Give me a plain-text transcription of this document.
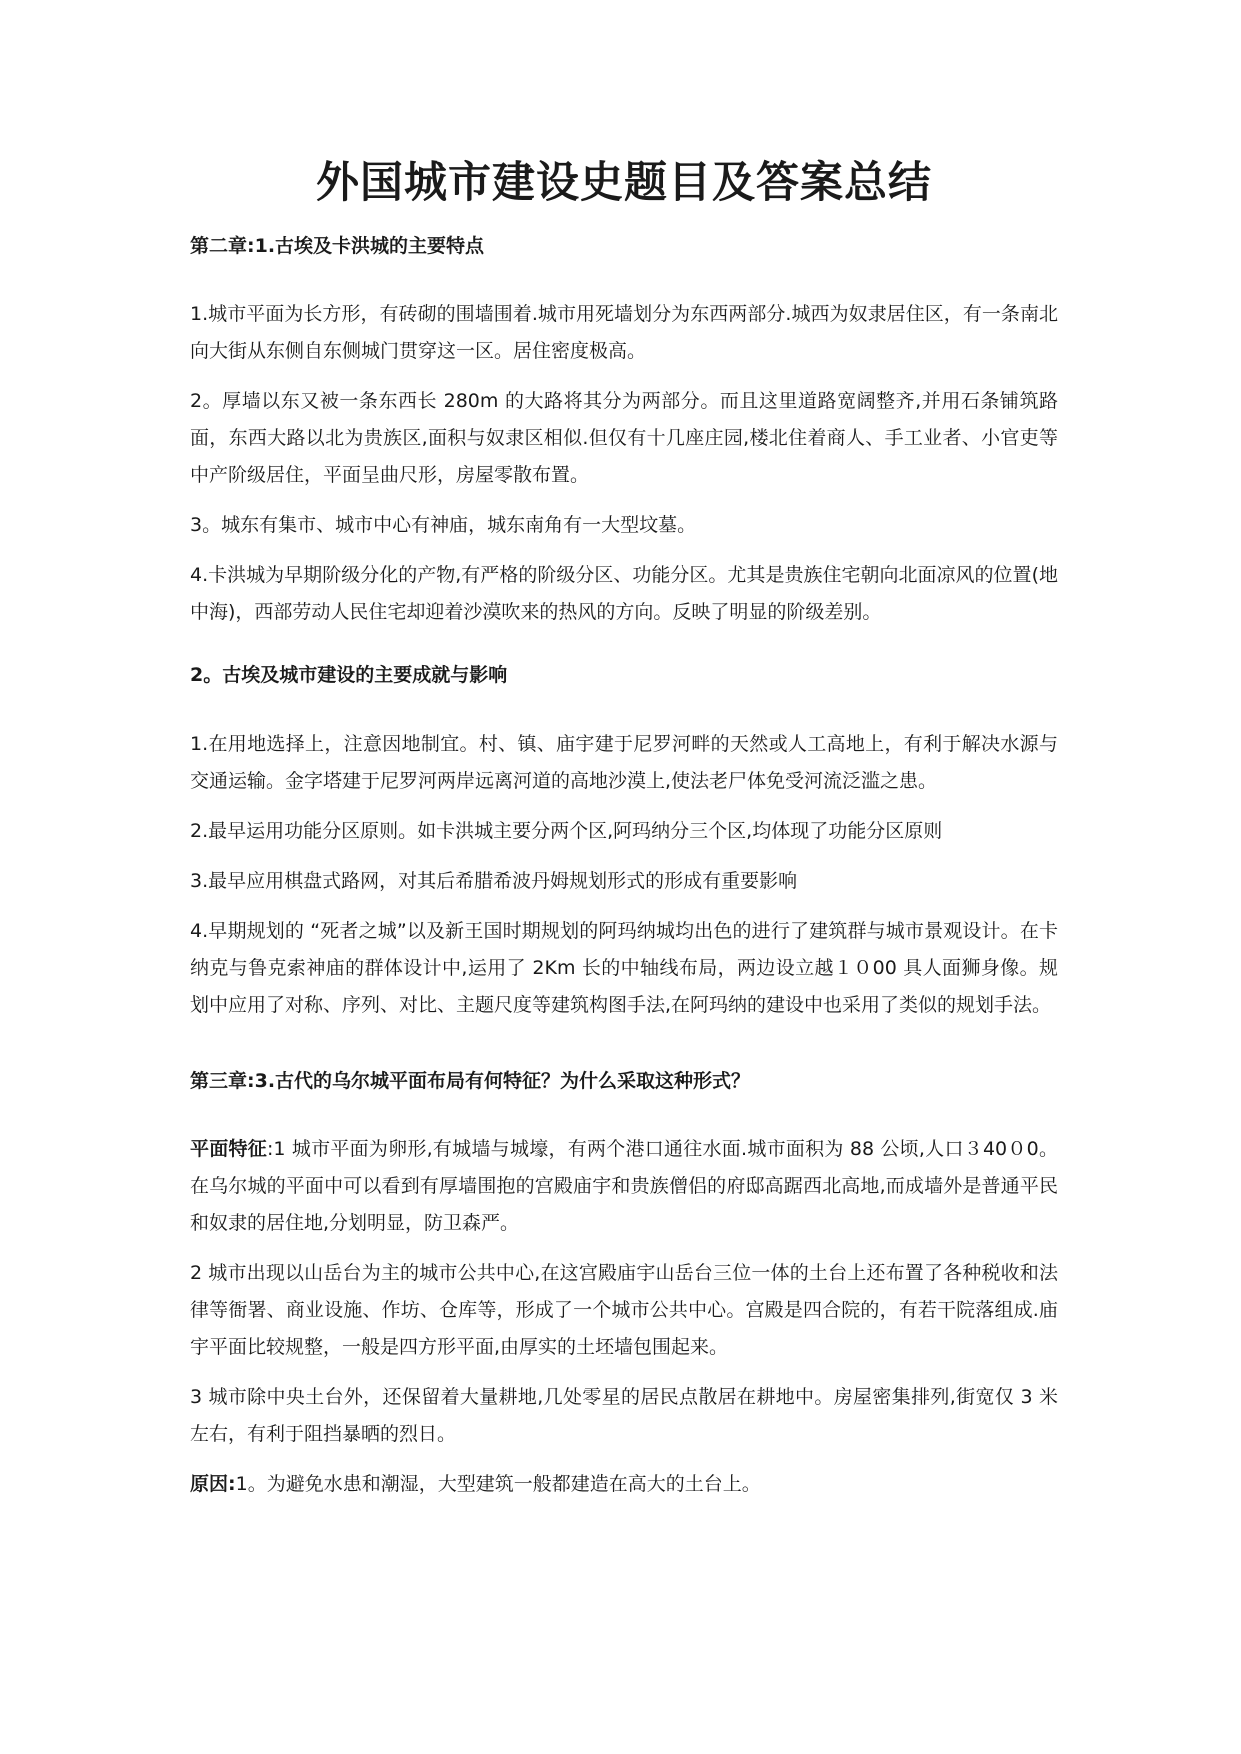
外国城市建设史题目及答案总结
第二章:1.古埃及卡洪城的主要特点
1.城市平面为长方形，有砖砌的围墙围着.城市用死墙划分为东西两部分.城西为奴隶居住区，有一条南北向大街从东侧自东侧城门贯穿这一区。居住密度极高。
2。厚墙以东又被一条东西长 280m 的大路将其分为两部分。而且这里道路宽阔整齐,并用石条铺筑路面，东西大路以北为贵族区,面积与奴隶区相似.但仅有十几座庄园,楼北住着商人、手工业者、小官吏等中产阶级居住，平面呈曲尺形，房屋零散布置。
3。城东有集市、城市中心有神庙，城东南角有一大型坟墓。
4.卡洪城为早期阶级分化的产物,有严格的阶级分区、功能分区。尤其是贵族住宅朝向北面凉风的位置(地中海)，西部劳动人民住宅却迎着沙漠吹来的热风的方向。反映了明显的阶级差别。
2。古埃及城市建设的主要成就与影响
1.在用地选择上，注意因地制宜。村、镇、庙宇建于尼罗河畔的天然或人工高地上，有利于解决水源与交通运输。金字塔建于尼罗河两岸远离河道的高地沙漠上,使法老尸体免受河流泛滥之患。
2.最早运用功能分区原则。如卡洪城主要分两个区,阿玛纳分三个区,均体现了功能分区原则
3.最早应用棋盘式路网，对其后希腊希波丹姆规划形式的形成有重要影响
4.早期规划的 “死者之城”以及新王国时期规划的阿玛纳城均出色的进行了建筑群与城市景观设计。在卡纳克与鲁克索神庙的群体设计中,运用了 2Km 长的中轴线布局，两边设立越１０00 具人面狮身像。规划中应用了对称、序列、对比、主题尺度等建筑构图手法,在阿玛纳的建设中也采用了类似的规划手法。
第三章:3.古代的乌尔城平面布局有何特征？为什么采取这种形式？
平面特征:1 城市平面为卵形,有城墙与城壕，有两个港口通往水面.城市面积为 88 公顷,人口３40０0。在乌尔城的平面中可以看到有厚墙围抱的宫殿庙宇和贵族僧侣的府邸高踞西北高地,而成墙外是普通平民和奴隶的居住地,分划明显，防卫森严。
2 城市出现以山岳台为主的城市公共中心,在这宫殿庙宇山岳台三位一体的土台上还布置了各种税收和法律等衙署、商业设施、作坊、仓库等，形成了一个城市公共中心。宫殿是四合院的，有若干院落组成.庙宇平面比较规整，一般是四方形平面,由厚实的土坯墙包围起来。
3 城市除中央土台外，还保留着大量耕地,几处零星的居民点散居在耕地中。房屋密集排列,街宽仅 3 米左右，有利于阻挡暴晒的烈日。
原因:1。为避免水患和潮湿，大型建筑一般都建造在高大的土台上。
